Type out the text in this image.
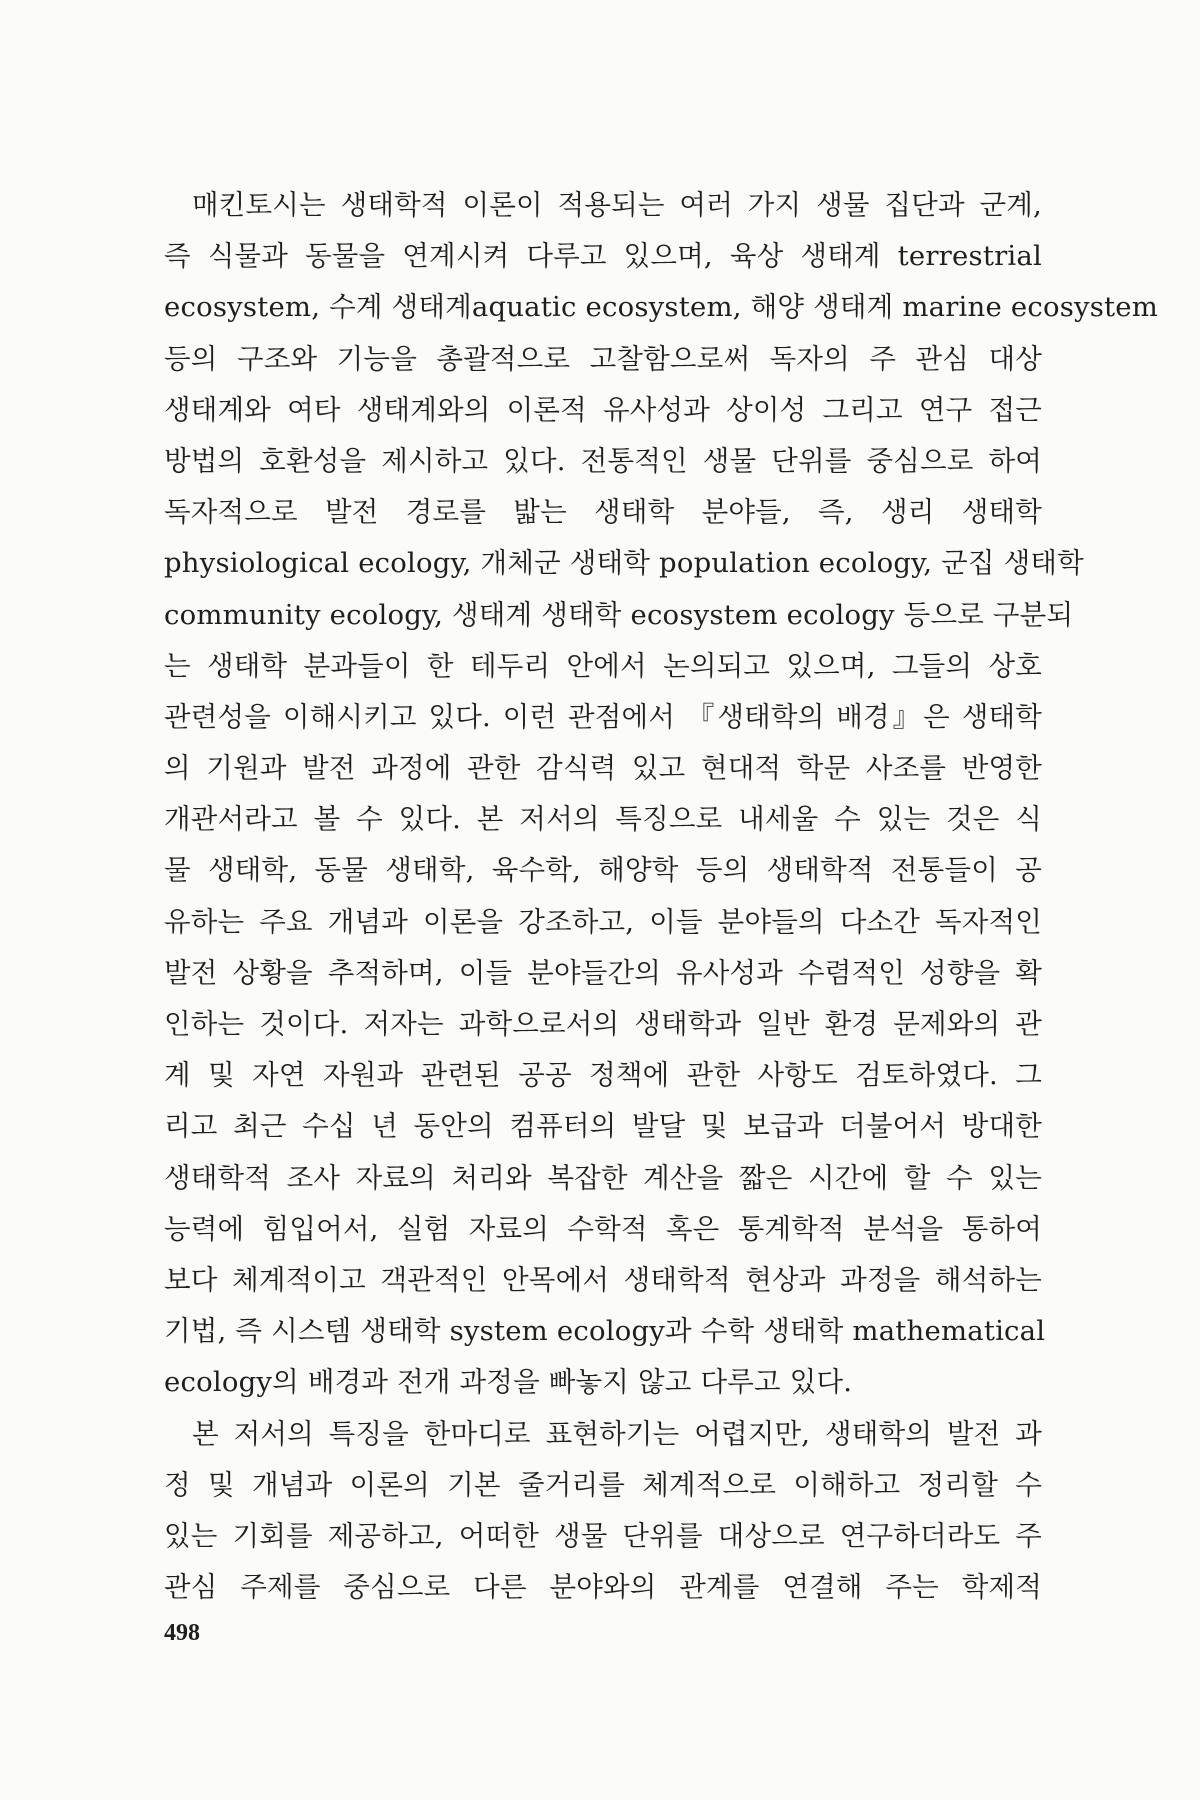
매킨토시는 생태학적 이론이 적용되는 여러 가지 생물 집단과 군계,
즉 식물과 동물을 연계시켜 다루고 있으며, 육상 생태계 terrestrial
ecosystem, 수계 생태계aquatic ecosystem, 해양 생태계 marine ecosystem
등의 구조와 기능을 총괄적으로 고찰함으로써 독자의 주 관심 대상
생태계와 여타 생태계와의 이론적 유사성과 상이성 그리고 연구 접근
방법의 호환성을 제시하고 있다. 전통적인 생물 단위를 중심으로 하여
독자적으로 발전 경로를 밟는 생태학 분야들, 즉, 생리 생태학
physiological ecology, 개체군 생태학 population ecology, 군집 생태학
community ecology, 생태계 생태학 ecosystem ecology 등으로 구분되
는 생태학 분과들이 한 테두리 안에서 논의되고 있으며, 그들의 상호
관련성을 이해시키고 있다. 이런 관점에서 『생태학의 배경』은 생태학
의 기원과 발전 과정에 관한 감식력 있고 현대적 학문 사조를 반영한
개관서라고 볼 수 있다. 본 저서의 특징으로 내세울 수 있는 것은 식
물 생태학, 동물 생태학, 육수학, 해양학 등의 생태학적 전통들이 공
유하는 주요 개념과 이론을 강조하고, 이들 분야들의 다소간 독자적인
발전 상황을 추적하며, 이들 분야들간의 유사성과 수렴적인 성향을 확
인하는 것이다. 저자는 과학으로서의 생태학과 일반 환경 문제와의 관
계 및 자연 자원과 관련된 공공 정책에 관한 사항도 검토하였다. 그
리고 최근 수십 년 동안의 컴퓨터의 발달 및 보급과 더불어서 방대한
생태학적 조사 자료의 처리와 복잡한 계산을 짧은 시간에 할 수 있는
능력에 힘입어서, 실험 자료의 수학적 혹은 통계학적 분석을 통하여
보다 체계적이고 객관적인 안목에서 생태학적 현상과 과정을 해석하는
기법, 즉 시스템 생태학 system ecology과 수학 생태학 mathematical
ecology의 배경과 전개 과정을 빠놓지 않고 다루고 있다.
본 저서의 특징을 한마디로 표현하기는 어렵지만, 생태학의 발전 과
정 및 개념과 이론의 기본 줄거리를 체계적으로 이해하고 정리할 수
있는 기회를 제공하고, 어떠한 생물 단위를 대상으로 연구하더라도 주
관심 주제를 중심으로 다른 분야와의 관계를 연결해 주는 학제적
498
